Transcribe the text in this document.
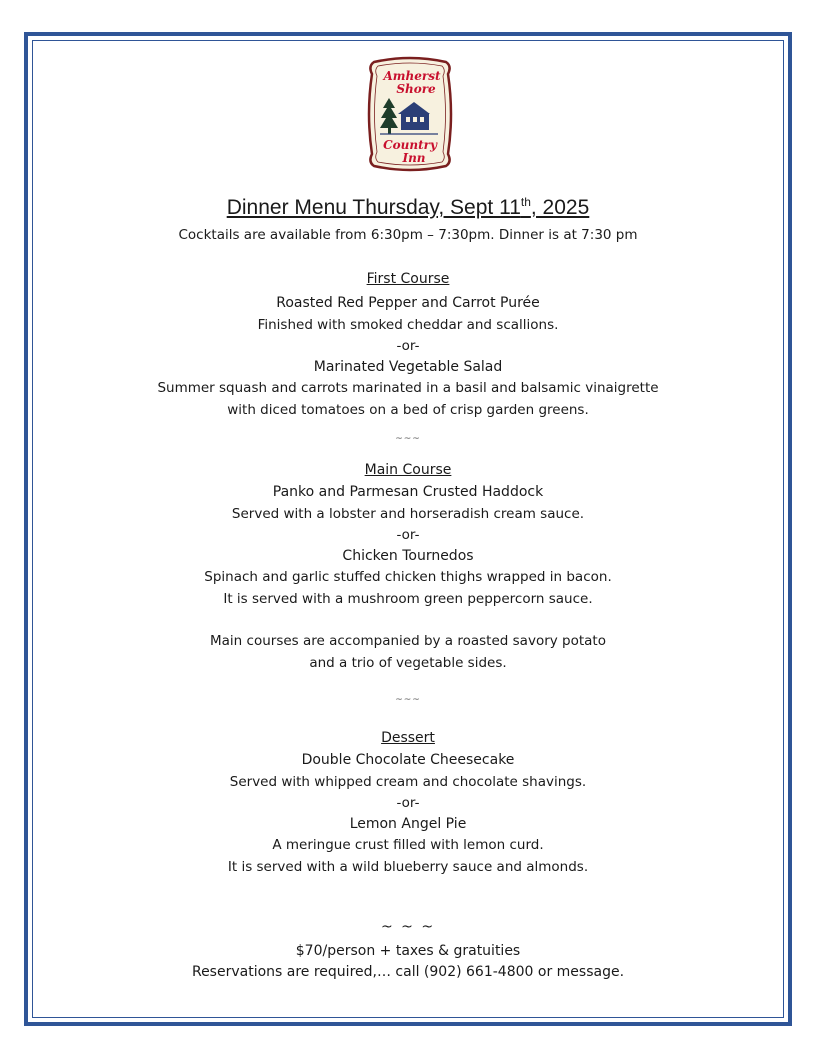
Amherst
Shore
Country
Inn
Dinner Menu Thursday, Sept 11th, 2025
Cocktails are available from 6:30pm – 7:30pm. Dinner is at 7:30 pm
First Course
Roasted Red Pepper and Carrot Purée
Finished with smoked cheddar and scallions.
-or-
Marinated Vegetable Salad
Summer squash and carrots marinated in a basil and balsamic vinaigrette
with diced tomatoes on a bed of crisp garden greens.
~~~
Main Course
Panko and Parmesan Crusted Haddock
Served with a lobster and horseradish cream sauce.
-or-
Chicken Tournedos
Spinach and garlic stuffed chicken thighs wrapped in bacon.
It is served with a mushroom green peppercorn sauce.
Main courses are accompanied by a roasted savory potato
and a trio of vegetable sides.
~~~
Dessert
Double Chocolate Cheesecake
Served with whipped cream and chocolate shavings.
-or-
Lemon Angel Pie
A meringue crust filled with lemon curd.
It is served with a wild blueberry sauce and almonds.
~ ~ ~
$70/person + taxes & gratuities
Reservations are required,… call (902) 661-4800 or message.
